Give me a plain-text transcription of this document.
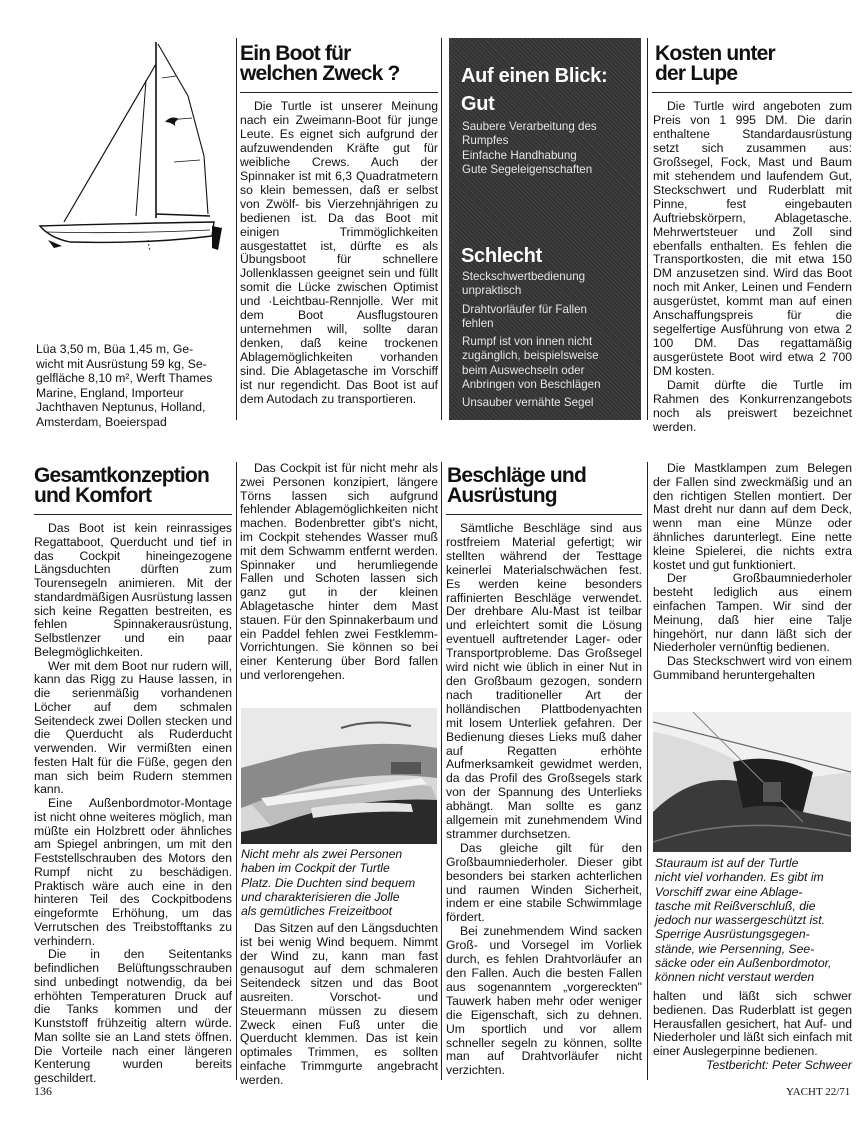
Lüa 3,50 m, Büa 1,45 m, Ge-
wicht mit Ausrüstung 59 kg, Se-
gelfläche 8,10 m², Werft Thames
Marine, England, Importeur
Jachthaven Neptunus, Holland,
Amsterdam, Boeierspad
Ein Boot für
welchen Zweck ?

Die Turtle ist unserer Meinung nach ein Zweimann-Boot für junge Leute. Es eignet sich aufgrund der aufzuwendenden Kräfte gut für weibliche Crews. Auch der Spinnaker ist mit 6,3 Quadratmetern so klein bemessen, daß er selbst von Zwölf- bis Vierzehnjährigen zu bedienen ist. Da das Boot mit einigen Trimmöglichkeiten ausgestattet ist, dürfte es als Übungsboot für schnellere Jollenklassen geeignet sein und füllt somit die Lücke zwischen Optimist und ·Leichtbau-Rennjolle. Wer mit dem Boot Ausflugstouren unternehmen will, sollte daran denken, daß keine trockenen Ablagemöglichkeiten vorhanden sind. Die Ablagetasche im Vorschiff ist nur regendicht. Das Boot ist auf dem Autodach zu transportieren.

Auf einen Blick:
Gut
Saubere Verarbeitung des
Rumpfes
Einfache Handhabung
Gute Segeleigenschaften
Schlecht
Steckschwertbedienung
unpraktisch
Drahtvorläufer für Fallen
fehlen
Rumpf ist von innen nicht
zugänglich, beispielsweise
beim Auswechseln oder
Anbringen von Beschlägen
Unsauber vernähte Segel
Kosten unter
der Lupe

Die Turtle wird angeboten zum Preis von 1 995 DM. Die darin enthaltene Standardausrüstung setzt sich zusammen aus: Großsegel, Fock, Mast und Baum mit stehendem und laufendem Gut, Steckschwert und Ruderblatt mit Pinne, fest eingebauten Auftriebskörpern, Ablagetasche. Mehrwertsteuer und Zoll sind ebenfalls enthalten. Es fehlen die Transportkosten, die mit etwa 150 DM anzusetzen sind. Wird das Boot noch mit Anker, Leinen und Fendern ausgerüstet, kommt man auf einen Anschaffungspreis für die segelfertige Ausführung von etwa 2 100 DM. Das regattamäßig ausgerüstete Boot wird etwa 2 700 DM kosten.

Damit dürfte die Turtle im Rahmen des Konkurrenzangebots noch als preiswert bezeichnet werden.

Gesamtkonzeption
und Komfort

Das Boot ist kein reinrassiges Regattaboot, Querducht und tief in das Cockpit hineingezogene Längsduchten dürften zum Tourensegeln animieren. Mit der standardmäßigen Ausrüstung lassen sich keine Regatten bestreiten, es fehlen Spinnakerausrüstung, Selbstlenzer und ein paar Belegmöglichkeiten.

Wer mit dem Boot nur rudern will, kann das Rigg zu Hause lassen, in die serienmäßig vorhandenen Löcher auf dem schmalen Seitendeck zwei Dollen stecken und die Querducht als Ruderducht verwenden. Wir vermißten einen festen Halt für die Füße, gegen den man sich beim Rudern stemmen kann.

Eine Außenbordmotor-Montage ist nicht ohne weiteres möglich, man müßte ein Holzbrett oder ähnliches am Spiegel anbringen, um mit den Feststellschrauben des Motors den Rumpf nicht zu beschädigen. Praktisch wäre auch eine in den hinteren Teil des Cockpitbodens eingeformte Erhöhung, um das Verrutschen des Treibstofftanks zu verhindern.

Die in den Seitentanks befindlichen Belüftungsschrauben sind unbedingt notwendig, da bei erhöhten Temperaturen Druck auf die Tanks kommen und der Kunststoff frühzeitig altern würde. Man sollte sie an Land stets öffnen. Die Vorteile nach einer längeren Kenterung wurden bereits geschildert.

Das Cockpit ist für nicht mehr als zwei Personen konzipiert, längere Törns lassen sich aufgrund fehlender Ablagemöglichkeiten nicht machen. Bodenbretter gibt's nicht, im Cockpit stehendes Wasser muß mit dem Schwamm entfernt werden. Spinnaker und herumliegende Fallen und Schoten lassen sich ganz gut in der kleinen Ablagetasche hinter dem Mast stauen. Für den Spinnakerbaum und ein Paddel fehlen zwei Festklemm-Vorrichtungen. Sie können so bei einer Kenterung über Bord fallen und verlorengehen.

Nicht mehr als zwei Personen
haben im Cockpit der Turtle
Platz. Die Duchten sind bequem
und charakterisieren die Jolle
als gemütliches Freizeitboot

Das Sitzen auf den Längsduchten ist bei wenig Wind bequem. Nimmt der Wind zu, kann man fast genausogut auf dem schmaleren Seitendeck sitzen und das Boot ausreiten. Vorschot- und Steuermann müssen zu diesem Zweck einen Fuß unter die Querducht klemmen. Das ist kein optimales Trimmen, es sollten einfache Trimmgurte angebracht werden.

Beschläge und
Ausrüstung

Sämtliche Beschläge sind aus rostfreiem Material gefertigt; wir stellten während der Testtage keinerlei Materialschwächen fest. Es werden keine besonders raffinierten Beschläge verwendet. Der drehbare Alu-Mast ist teilbar und erleichtert somit die Lösung eventuell auftretender Lager- oder Transportprobleme. Das Großsegel wird nicht wie üblich in einer Nut in den Großbaum gezogen, sondern nach traditioneller Art der holländischen Plattbodenyachten mit losem Unterliek gefahren. Der Bedienung dieses Lieks muß daher auf Regatten erhöhte Aufmerksamkeit gewidmet werden, da das Profil des Großsegels stark von der Spannung des Unterlieks abhängt. Man sollte es ganz allgemein mit zunehmendem Wind strammer durchsetzen.

Das gleiche gilt für den Großbaumniederholer. Dieser gibt besonders bei starken achterlichen und raumen Winden Sicherheit, indem er eine stabile Schwimmlage fördert.

Bei zunehmendem Wind sacken Groß- und Vorsegel im Vorliek durch, es fehlen Drahtvorläufer an den Fallen. Auch die besten Fallen aus sogenanntem „vorgereckten" Tauwerk haben mehr oder weniger die Eigenschaft, sich zu dehnen. Um sportlich und vor allem schneller segeln zu können, sollte man auf Drahtvorläufer nicht verzichten.

Die Mastklampen zum Belegen der Fallen sind zweckmäßig und an den richtigen Stellen montiert. Der Mast dreht nur dann auf dem Deck, wenn man eine Münze oder ähnliches darunterlegt. Eine nette kleine Spielerei, die nichts extra kostet und gut funktioniert.

Der Großbaumniederholer besteht lediglich aus einem einfachen Tampen. Wir sind der Meinung, daß hier eine Talje hingehört, nur dann läßt sich der Niederholer vernünftig bedienen.

Das Steckschwert wird von einem Gummiband heruntergehalten

Stauraum ist auf der Turtle
nicht viel vorhanden. Es gibt im
Vorschiff zwar eine Ablage-
tasche mit Reißverschluß, die
jedoch nur wassergeschützt ist.
Sperrige Ausrüstungsgegen-
stände, wie Persenning, See-
säcke oder ein Außenbordmotor,
können nicht verstaut werden

halten und läßt sich schwer bedienen. Das Ruderblatt ist gegen Herausfallen gesichert, hat Auf- und Niederholer und läßt sich einfach mit einer Auslegerpinne bedienen.

Testbericht: Peter Schweer
136	YACHT 22/71
